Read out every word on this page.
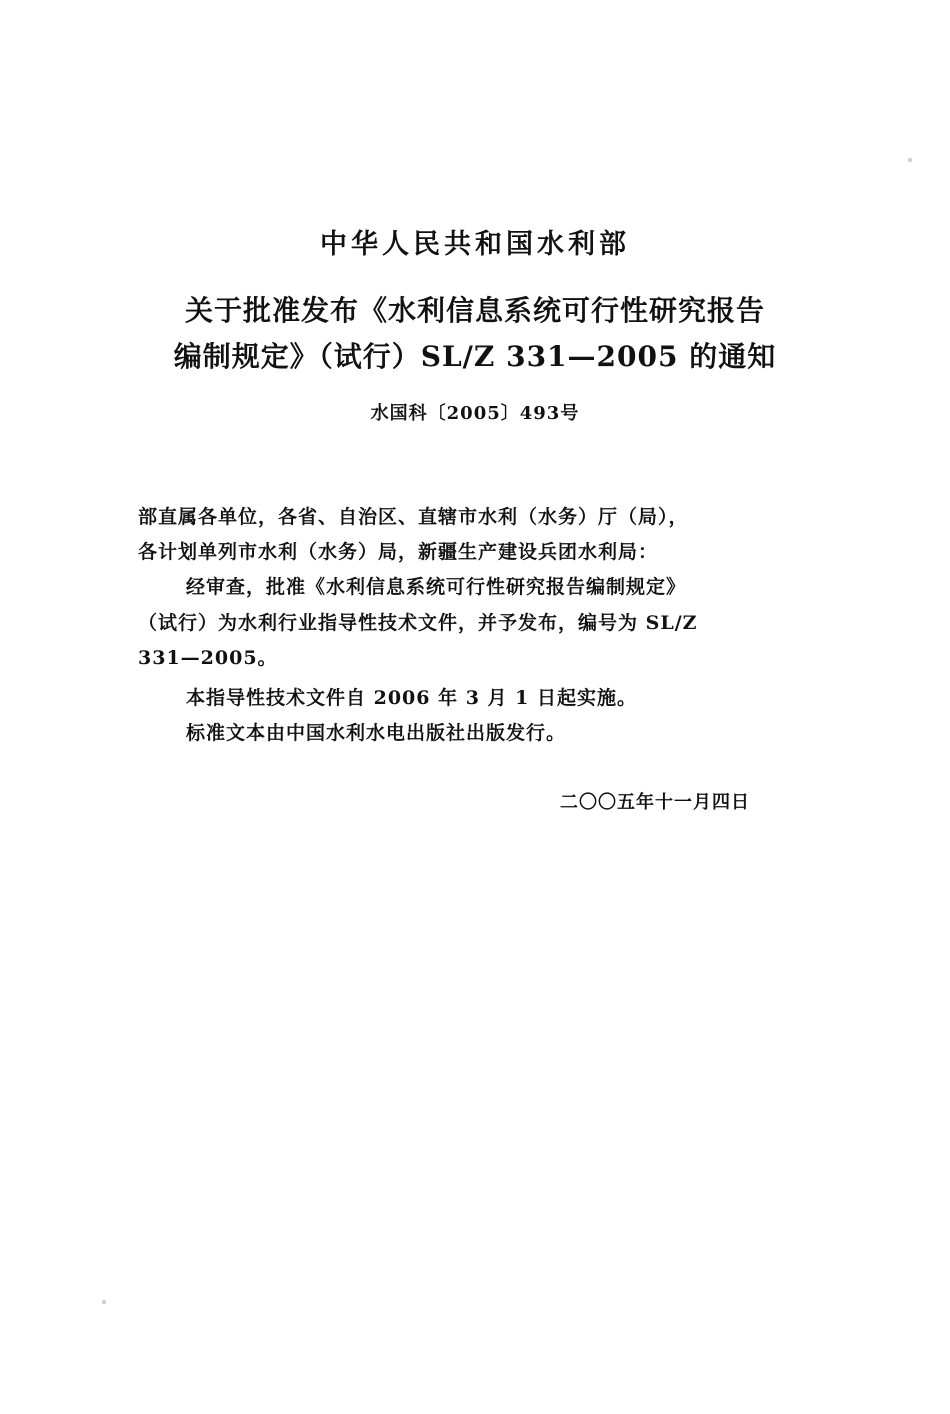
中华人民共和国水利部
关于批准发布《水利信息系统可行性研究报告
编制规定》（试行）SL/Z 331—2005 的通知
水国科〔2005〕493号
部直属各单位，各省、自治区、直辖市水利（水务）厅（局），
各计划单列市水利（水务）局，新疆生产建设兵团水利局：
经审查，批准《水利信息系统可行性研究报告编制规定》
（试行）为水利行业指导性技术文件，并予发布，编号为 SL/Z
331—2005。
本指导性技术文件自 2006 年 3 月 1 日起实施。
标准文本由中国水利水电出版社出版发行。
二〇〇五年十一月四日
